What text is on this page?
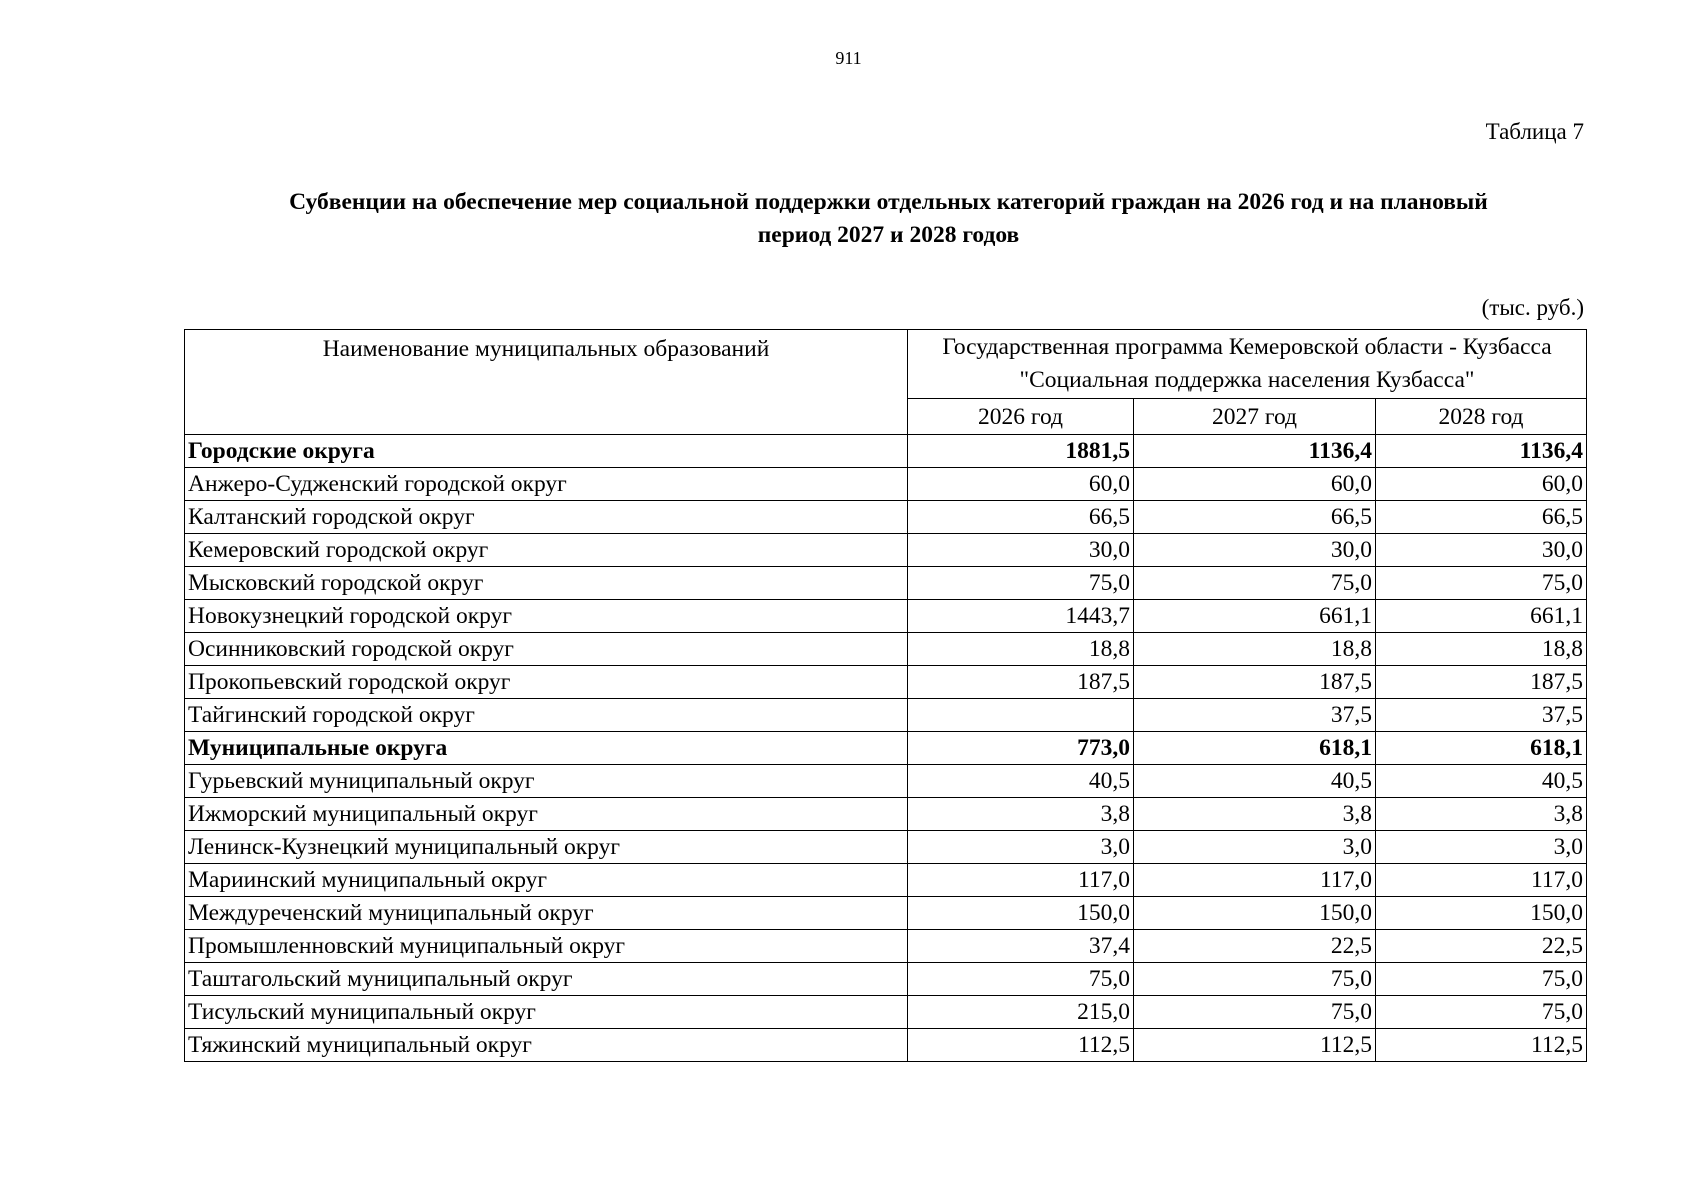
911
Таблица 7
Субвенции на обеспечение мер социальной поддержки отдельных категорий граждан на 2026 год и на плановый
период 2027 и 2028 годов
(тыс. руб.)
Наименование муниципальных образований	Государственная программа Кемеровской области - Кузбасса "Социальная поддержка населения Кузбасса"		
	2026 год	2027 год	2028 год
Городские округа	1881,5	1136,4	1136,4
Анжеро-Судженский городской округ	60,0	60,0	60,0
Калтанский городской округ	66,5	66,5	66,5
Кемеровский городской округ	30,0	30,0	30,0
Мысковский городской округ	75,0	75,0	75,0
Новокузнецкий городской округ	1443,7	661,1	661,1
Осинниковский городской округ	18,8	18,8	18,8
Прокопьевский городской округ	187,5	187,5	187,5
Тайгинский городской округ		37,5	37,5
Муниципальные округа	773,0	618,1	618,1
Гурьевский муниципальный округ	40,5	40,5	40,5
Ижморский муниципальный округ	3,8	3,8	3,8
Ленинск-Кузнецкий муниципальный округ	3,0	3,0	3,0
Мариинский муниципальный округ	117,0	117,0	117,0
Междуреченский муниципальный округ	150,0	150,0	150,0
Промышленновский муниципальный округ	37,4	22,5	22,5
Таштагольский муниципальный округ	75,0	75,0	75,0
Тисульский муниципальный округ	215,0	75,0	75,0
Тяжинский муниципальный округ	112,5	112,5	112,5
